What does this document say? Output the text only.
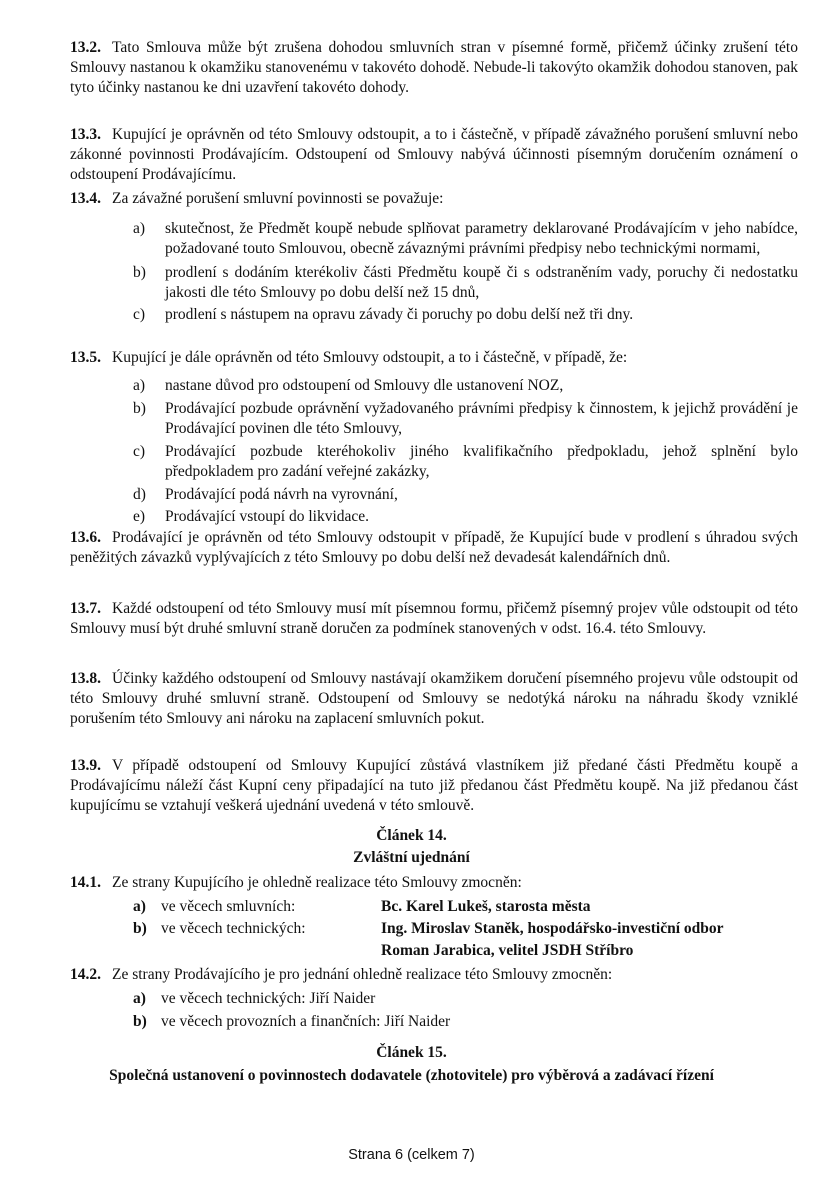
13.2. Tato Smlouva může být zrušena dohodou smluvních stran v písemné formě, přičemž účinky zrušení této Smlouvy nastanou k okamžiku stanovenému v takovéto dohodě. Nebude-li takovýto okamžik dohodou stanoven, pak tyto účinky nastanou ke dni uzavření takovéto dohody.
13.3. Kupující je oprávněn od této Smlouvy odstoupit, a to i částečně, v případě závažného porušení smluvní nebo zákonné povinnosti Prodávajícím. Odstoupení od Smlouvy nabývá účinnosti písemným doručením oznámení o odstoupení Prodávajícímu.
13.4. Za závažné porušení smluvní povinnosti se považuje:
a) skutečnost, že Předmět koupě nebude splňovat parametry deklarované Prodávajícím v jeho nabídce, požadované touto Smlouvou, obecně závaznými právními předpisy nebo technickými normami,
b) prodlení s dodáním kterékoliv části Předmětu koupě či s odstraněním vady, poruchy či nedostatku jakosti dle této Smlouvy po dobu delší než 15 dnů,
c) prodlení s nástupem na opravu závady či poruchy po dobu delší než tři dny.
13.5. Kupující je dále oprávněn od této Smlouvy odstoupit, a to i částečně, v případě, že:
a) nastane důvod pro odstoupení od Smlouvy dle ustanovení NOZ,
b) Prodávající pozbude oprávnění vyžadovaného právními předpisy k činnostem, k jejichž provádění je Prodávající povinen dle této Smlouvy,
c) Prodávající pozbude kteréhokoliv jiného kvalifikačního předpokladu, jehož splnění bylo předpokladem pro zadání veřejné zakázky,
d) Prodávající podá návrh na vyrovnání,
e) Prodávající vstoupí do likvidace.
13.6. Prodávající je oprávněn od této Smlouvy odstoupit v případě, že Kupující bude v prodlení s úhradou svých peněžitých závazků vyplývajících z této Smlouvy po dobu delší než devadesát kalendářních dnů.
13.7. Každé odstoupení od této Smlouvy musí mít písemnou formu, přičemž písemný projev vůle odstoupit od této Smlouvy musí být druhé smluvní straně doručen za podmínek stanovených v odst. 16.4. této Smlouvy.
13.8. Účinky každého odstoupení od Smlouvy nastávají okamžikem doručení písemného projevu vůle odstoupit od této Smlouvy druhé smluvní straně. Odstoupení od Smlouvy se nedotýká nároku na náhradu škody vzniklé porušením této Smlouvy ani nároku na zaplacení smluvních pokut.
13.9. V případě odstoupení od Smlouvy Kupující zůstává vlastníkem již předané části Předmětu koupě a Prodávajícímu náleží část Kupní ceny připadající na tuto již předanou část Předmětu koupě. Na již předanou část kupujícímu se vztahují veškerá ujednání uvedená v této smlouvě.
Článek 14.
Zvláštní ujednání
14.1. Ze strany Kupujícího je ohledně realizace této Smlouvy zmocněn:
a) ve věcech smluvních:	Bc. Karel Lukeš, starosta města
b) ve věcech technických:	Ing. Miroslav Staněk, hospodářsko-investiční odbor
Roman Jarabica, velitel JSDH Stříbro
14.2. Ze strany Prodávajícího je pro jednání ohledně realizace této Smlouvy zmocněn:
a) ve věcech technických: Jiří Naider
b) ve věcech provozních a finančních: Jiří Naider
Článek 15.
Společná ustanovení o povinnostech dodavatele (zhotovitele) pro výběrová a zadávací řízení
Strana 6 (celkem 7)
